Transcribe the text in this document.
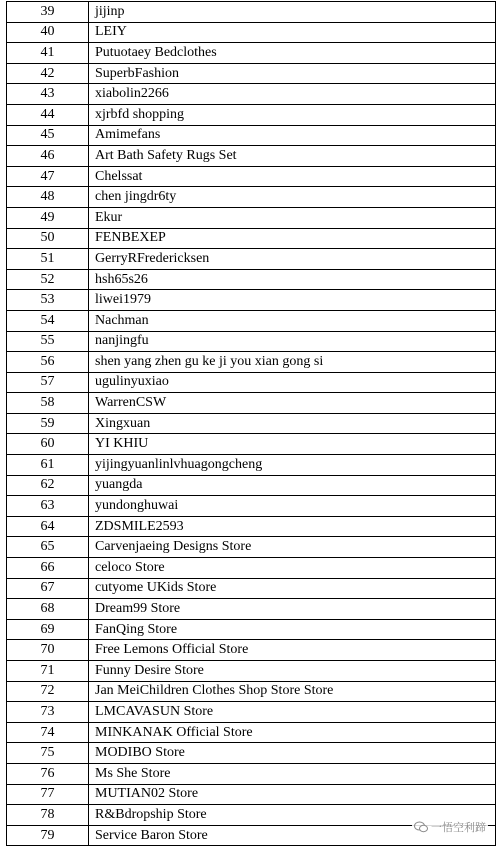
39	jijinp
40	LEIY
41	Putuotaey Bedclothes
42	SuperbFashion
43	xiabolin2266
44	xjrbfd shopping
45	Amimefans
46	Art Bath Safety Rugs Set
47	Chelssat
48	chen jingdr6ty
49	Ekur
50	FENBEXEP
51	GerryRFredericksen
52	hsh65s26
53	liwei1979
54	Nachman
55	nanjingfu
56	shen yang zhen gu ke ji you xian gong si
57	ugulinyuxiao
58	WarrenCSW
59	Xingxuan
60	YI KHIU
61	yijingyuanlinlvhuagongcheng
62	yuangda
63	yundonghuwai
64	ZDSMILE2593
65	Carvenjaeing Designs Store
66	celoco Store
67	cutyome UKids Store
68	Dream99 Store
69	FanQing Store
70	Free Lemons Official Store
71	Funny Desire Store
72	Jan MeiChildren Clothes Shop Store Store
73	LMCAVASUN Store
74	MINKANAK Official Store
75	MODIBO Store
76	Ms She Store
77	MUTIAN02 Store
78	R&Bdropship Store
79	Service Baron Store
一悟空利蹄
